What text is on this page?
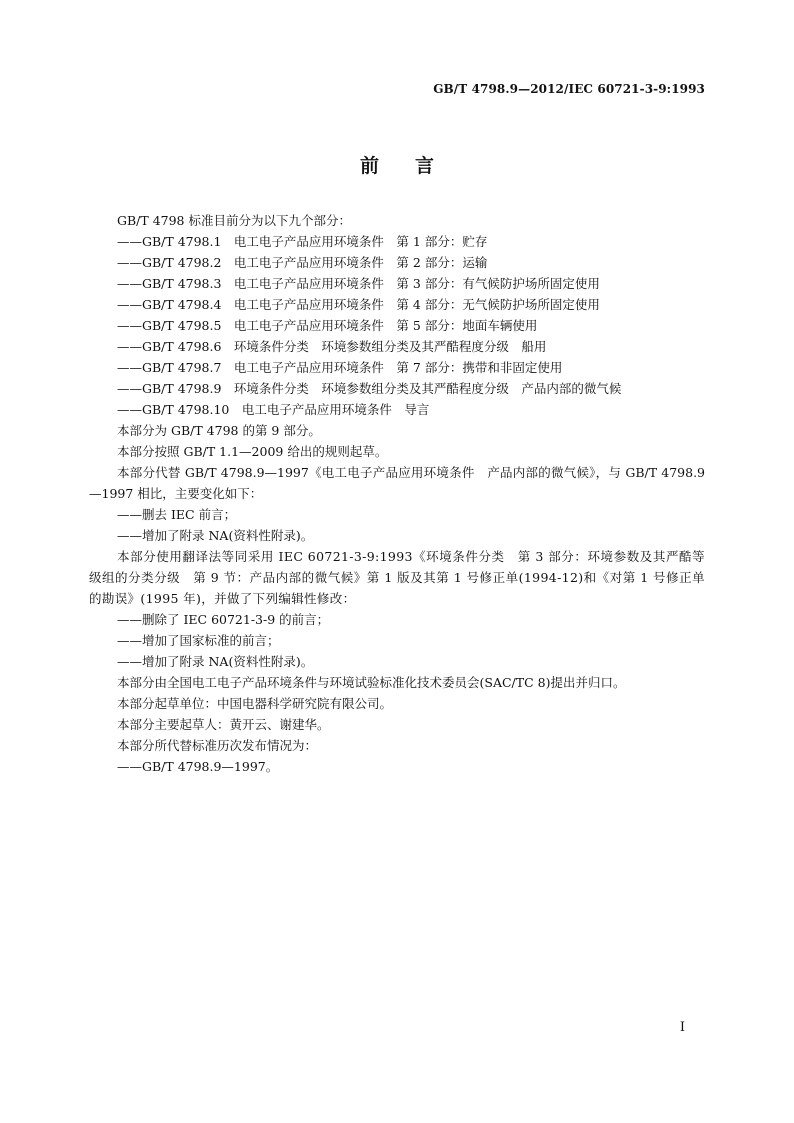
GB/T 4798.9—2012/IEC 60721-3-9:1993
前言

GB/T 4798 标准目前分为以下九个部分：

——GB/T 4798.1　电工电子产品应用环境条件　第 1 部分：贮存

——GB/T 4798.2　电工电子产品应用环境条件　第 2 部分：运输

——GB/T 4798.3　电工电子产品应用环境条件　第 3 部分：有气候防护场所固定使用

——GB/T 4798.4　电工电子产品应用环境条件　第 4 部分：无气候防护场所固定使用

——GB/T 4798.5　电工电子产品应用环境条件　第 5 部分：地面车辆使用

——GB/T 4798.6　环境条件分类　环境参数组分类及其严酷程度分级　船用

——GB/T 4798.7　电工电子产品应用环境条件　第 7 部分：携带和非固定使用

——GB/T 4798.9　环境条件分类　环境参数组分类及其严酷程度分级　产品内部的微气候

——GB/T 4798.10　电工电子产品应用环境条件　导言

本部分为 GB/T 4798 的第 9 部分。

本部分按照 GB/T 1.1—2009 给出的规则起草。

本部分代替 GB/T 4798.9—1997《电工电子产品应用环境条件　产品内部的微气候》，与 GB/T 4798.9—1997 相比，主要变化如下：

——删去 IEC 前言；

——增加了附录 NA(资料性附录)。

本部分使用翻译法等同采用 IEC 60721-3-9:1993《环境条件分类　第 3 部分：环境参数及其严酷等级组的分类分级　第 9 节：产品内部的微气候》第 1 版及其第 1 号修正单(1994-12)和《对第 1 号修正单的勘误》(1995 年)，并做了下列编辑性修改：

——删除了 IEC 60721-3-9 的前言；

——增加了国家标准的前言；

——增加了附录 NA(资料性附录)。

本部分由全国电工电子产品环境条件与环境试验标准化技术委员会(SAC/TC 8)提出并归口。

本部分起草单位：中国电器科学研究院有限公司。

本部分主要起草人：黄开云、谢建华。

本部分所代替标准历次发布情况为：

——GB/T 4798.9—1997。

I
